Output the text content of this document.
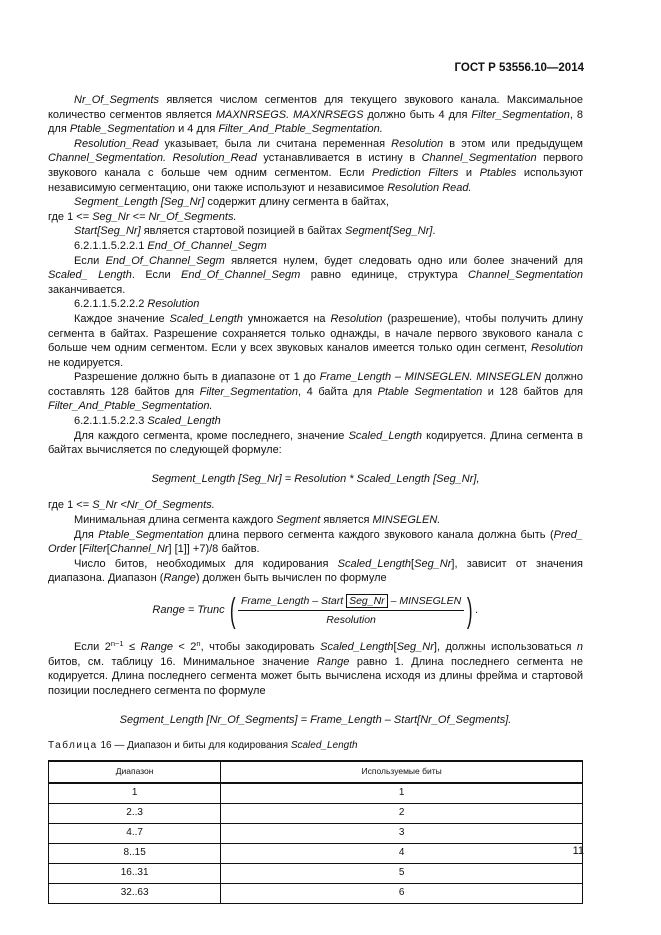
ГОСТ Р 53556.10—2014

Nr_Of_Segments является числом сегментов для текущего звукового канала. Максимальное количество сегментов является MAXNRSEGS. MAXNRSEGS должно быть 4 для Filter_Segmentation, 8 для Ptable_Segmentation и 4 для Filter_And_Ptable_Segmentation.

Resolution_Read указывает, была ли считана переменная Resolution в этом или предыдущем Channel_Segmentation. Resolution_Read устанавливается в истину в Channel_Segmentation первого звукового канала с больше чем одним сегментом. Если Prediction Filters и Ptables используют независимую сегментацию, они также используют и независимое Resolution Read.

Segment_Length [Seg_Nr] содержит длину сегмента в байтах,

где 1 <= Seg_Nr <= Nr_Of_Segments.

Start[Seg_Nr] является стартовой позицией в байтах Segment[Seg_Nr].

6.2.1.1.5.2.2.1 End_Of_Channel_Segm

Если End_Of_Channel_Segm является нулем, будет следовать одно или более значений для Scaled_ Length. Если End_Of_Channel_Segm равно единице, структура Channel_Segmentation заканчивается.

6.2.1.1.5.2.2.2 Resolution

Каждое значение Scaled_Length умножается на Resolution (разрешение), чтобы получить длину сегмента в байтах. Разрешение сохраняется только однажды, в начале первого звукового канала с больше чем одним сегментом. Если у всех звуковых каналов имеется только один сегмент, Resolution не кодируется.

Разрешение должно быть в диапазоне от 1 до Frame_Length – MINSEGLEN. MINSEGLEN должно составлять 128 байтов для Filter_Segmentation, 4 байта для Ptable Segmentation и 128 байтов для Filter_And_Ptable_Segmentation.

6.2.1.1.5.2.2.3 Scaled_Length

Для каждого сегмента, кроме последнего, значение Scaled_Length кодируется. Длина сегмента в байтах вычисляется по следующей формуле:

Segment_Length [Seg_Nr] = Resolution * Scaled_Length [Seg_Nr],

где 1 <= S_Nr <Nr_Of_Segments.

Минимальная длина сегмента каждого Segment является MINSEGLEN.

Для Ptable_Segmentation длина первого сегмента каждого звукового канала должна быть (Pred_ Order [Filter[Channel_Nr] [1]] +7)/8 байтов.

Число битов, необходимых для кодирования Scaled_Length[Seg_Nr], зависит от значения диапазона. Диапазон (Range) должен быть вычислен по формуле

Range = Trunc ( $\frac{\text{Frame\_Length – Start Seg\_Nr – MINSEGLEN}}{\text{Resolution}}$ ) .

Если $2^{n-1}$ ≤ Range < $2^n$, чтобы закодировать Scaled_Length[Seg_Nr], должны использоваться n битов, см. таблицу 16. Минимальное значение Range равно 1. Длина последнего сегмента не кодируется. Длина последнего сегмента может быть вычислена исходя из длины фрейма и стартовой позиции последнего сегмента по формуле

Segment_Length [Nr_Of_Segments] = Frame_Length – Start[Nr_Of_Segments].
Таблица 16 — Диапазон и биты для кодирования Scaled_Length
Диапазон	Используемые биты
1	1
2..3	2
4..7	3
8..15	4
16..31	5
32..63	6
11
